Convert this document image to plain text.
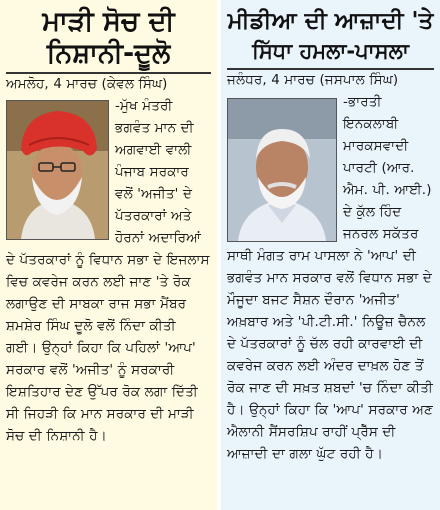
ਮਾੜੀ ਸੋਚ ਦੀ
ਨਿਸ਼ਾਨੀ-ਦੂਲੋ

ਅਮਲੋਹ, 4 ਮਾਰਚ (ਕੇਵਲ ਸਿੰਘ)

-ਮੁੱਖ ਮੰਤਰੀ ਭਗਵੰਤ ਮਾਨ ਦੀ ਅਗਵਾਈ ਵਾਲੀ ਪੰਜਾਬ ਸਰਕਾਰ ਵਲੋਂ 'ਅਜੀਤ' ਦੇ ਪੱਤਰਕਾਰਾਂ ਅਤੇ ਹੋਰਨਾਂ ਅਦਾਰਿਆਂ ਦੇ ਪੱਤਰਕਾਰਾਂ ਨੂੰ ਵਿਧਾਨ ਸਭਾ ਦੇ ਇਜਲਾਸ ਵਿਚ ਕਵਰੇਜ ਕਰਨ ਲਈ ਜਾਣ 'ਤੇ ਰੋਕ ਲਗਾਉਣ ਦੀ ਸਾਬਕਾ ਰਾਜ ਸਭਾ ਮੈਂਬਰ ਸ਼ਮਸ਼ੇਰ ਸਿੰਘ ਦੂਲੋ ਵਲੋਂ ਨਿੰਦਾ ਕੀਤੀ ਗਈ। ਉਨ੍ਹਾਂ ਕਿਹਾ ਕਿ ਪਹਿਲਾਂ 'ਆਪ' ਸਰਕਾਰ ਵਲੋਂ 'ਅਜੀਤ' ਨੂੰ ਸਰਕਾਰੀ ਇਸ਼ਤਿਹਾਰ ਦੇਣ ਉੱਪਰ ਰੋਕ ਲਗਾ ਦਿੱਤੀ ਸੀ ਜਿਹੜੀ ਕਿ ਮਾਨ ਸਰਕਾਰ ਦੀ ਮਾੜੀ ਸੋਚ ਦੀ ਨਿਸ਼ਾਨੀ ਹੈ।

ਮੀਡੀਆ ਦੀ ਆਜ਼ਾਦੀ 'ਤੇ
ਸਿੱਧਾ ਹਮਲਾ-ਪਾਸਲਾ

ਜਲੰਧਰ, 4 ਮਾਰਚ (ਜਸਪਾਲ ਸਿੰਘ)

-ਭਾਰਤੀ ਇਨਕਲਾਬੀ ਮਾਰਕਸਵਾਦੀ ਪਾਰਟੀ (ਆਰ. ਐਮ. ਪੀ. ਆਈ.) ਦੇ ਕੁੱਲ ਹਿੰਦ ਜਨਰਲ ਸਕੱਤਰ ਸਾਥੀ ਮੰਗਤ ਰਾਮ ਪਾਸਲਾ ਨੇ 'ਆਪ' ਦੀ ਭਗਵੰਤ ਮਾਨ ਸਰਕਾਰ ਵਲੋਂ ਵਿਧਾਨ ਸਭਾ ਦੇ ਮੌਜੂਦਾ ਬਜਟ ਸੈਸ਼ਨ ਦੌਰਾਨ 'ਅਜੀਤ' ਅਖ਼ਬਾਰ ਅਤੇ 'ਪੀ.ਟੀ.ਸੀ.' ਨਿਊਜ਼ ਚੈਨਲ ਦੇ ਪੱਤਰਕਾਰਾਂ ਨੂੰ ਚੱਲ ਰਹੀ ਕਾਰਵਾਈ ਦੀ ਕਵਰੇਜ ਕਰਨ ਲਈ ਅੰਦਰ ਦਾਖ਼ਲ ਹੋਣ ਤੋਂ ਰੋਕ ਜਾਣ ਦੀ ਸਖ਼ਤ ਸ਼ਬਦਾਂ 'ਚ ਨਿੰਦਾ ਕੀਤੀ ਹੈ। ਉਨ੍ਹਾਂ ਕਿਹਾ ਕਿ 'ਆਪ' ਸਰਕਾਰ ਅਣ ਐਲਾਨੀ ਸੈਂਸਰਸ਼ਿਪ ਰਾਹੀਂ ਪ੍ਰੈੱਸ ਦੀ ਆਜ਼ਾਦੀ ਦਾ ਗਲਾ ਘੁੱਟ ਰਹੀ ਹੈ।
